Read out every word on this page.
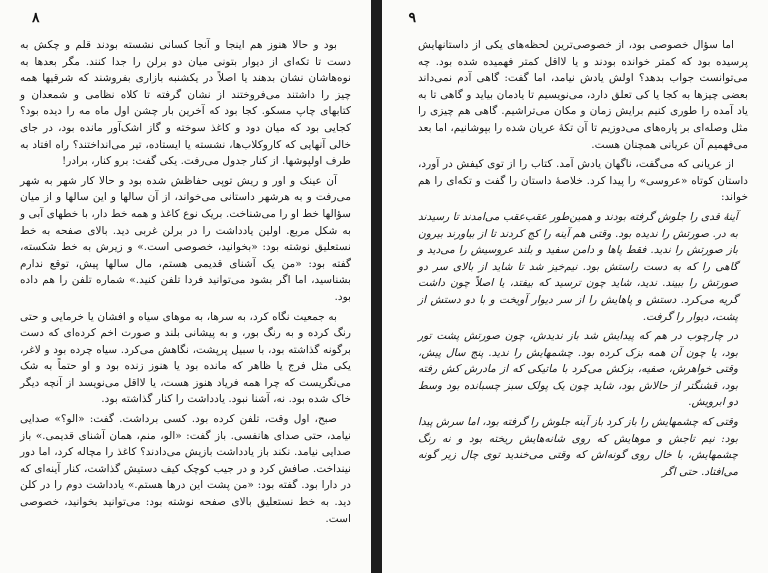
۸

بود و حالا هنوز هم اینجا و آنجا کسانی نشسته بودند قلم و چکش به دست تا تکه‌ای از دیوار بتونی میان دو برلن را جدا کنند. مگر بعدها به نوه‌هاشان نشان بدهند یا اصلاً در یکشنبه بازاری بفروشند که شرقیها همه چیز را داشتند می‌فروختند از نشان گرفته تا کلاه نظامی و شمعدان و کتابهای چاپ مسکو. کجا بود که آخرین بار چشن اول ماه مه را دیده بود؟ کجایی بود که میان دود و کاغذ سوخته و گاز اشک‌آور مانده بود، در جای خالی آنهایی که کاروکلاب‌ها، نشسته یا ایستاده، تیر می‌انداختند؟ راه افتاد به طرف اولپوشها. از کنار جدول می‌رفت. یکی گفت: برو کنار، برادر!

آن عینک و اور و ریش توپی حفاظش شده بود و حالا کار شهر به شهر می‌رفت و به هرشهر داستانی می‌خواند، از آن سالها و این سالها و از میان سؤالها خط او را می‌شناخت. بریک نوع کاغذ و همه خط دار، با خطهای آبی و به شکل مربع. اولین یادداشت را در برلن غربی دید. بالای صفحه به خط نستعلیق نوشته بود: «بخوانید، خصوصی است.» و زیرش به خط شکسته، گفته بود: «من یک آشنای قدیمی هستم، مال سالها پیش، توقع ندارم بشناسید، اما اگر بشود می‌توانید فردا تلفن کنید.» شماره تلفن را هم داده بود.

به جمعیت نگاه کرد، به سرها، به موهای سیاه و افشان یا خرمایی و حتی رنگ کرده و به رنگ بور، و به پیشانی بلند و صورت اخم کرده‌ای که دست برگونه گذاشته بود، با سبیل پرپشت، نگاهش می‌کرد. سیاه چرده بود و لاغر، یکی مثل فرج یا ظاهر که مانده بود یا هنوز زنده بود و او حتماً به شک می‌نگریست که چرا همه فریاد هنوز هست، یا لااقل می‌نویسد از آنچه دیگر خاک شده بود. نه، آشنا نبود. یادداشت را کنار گذاشته بود.

صبح، اول وقت، تلفن کرده بود. کسی برداشت. گفت: «الو؟» صدایی نیامد، حتی صدای هانفسی. باز گفت: «الو، منم، همان آشنای قدیمی.» باز صدایی نیامد. نکند باز یادداشت بازیش می‌دادند؟ کاغذ را مچاله کرد، اما دور نینداخت. صافش کرد و در جیب کوچک کیف دستیش گذاشت، کنار آینه‌ای که در دارا بود. گفته بود: «من پشت این درها هستم.» یادداشت دوم را در کلن دید. به خط نستعلیق بالای صفحه نوشته بود: می‌توانید بخوانید، خصوصی است.

۹

اما سؤال خصوصی بود، از خصوصی‌ترین لحظه‌های یکی از داستانهایش پرسیده بود که کمتر خوانده بودند و یا لااقل کمتر فهمیده شده بود. چه می‌توانست جواب بدهد؟ اولش یادش نیامد، اما گفت: گاهی آدم نمی‌داند بعضی چیزها به کجا یا کی تعلق دارد، می‌نویسیم تا یادمان بیاید و گاهی تا به یاد آمده را طوری کنیم برایش زمان و مکان می‌تراشیم. گاهی هم چیزی را مثل وصله‌ای بر پاره‌های می‌دوزیم تا آن تکهٔ عریان شده را بپوشانیم، اما بعد می‌فهمیم آن عریانی همچنان هست.

از عریانی که می‌گفت، ناگهان یادش آمد. کتاب را از توی کیفش در آورد، داستان کوتاه «عروسی» را پیدا کرد. خلاصهٔ داستان را گفت و تکه‌ای را هم خواند:

آینهٔ قدی را جلوش گرفته بودند و همین‌طور عقب‌عقب می‌امدند تا رسیدند به در. صورتش را ندیده بود. وقتی هم آینه را کج کردند تا از بیاورند بیرون باز صورتش را ندید. فقط پاها و دامن سفید و بلند عروسیش را می‌دید و گاهی را که به دست راستش بود. نیم‌خیز شد تا شاید از بالای سر دو صورتش را ببیند. ندید، شاید چون ترسید که بیفتد، یا اصلاً چون داشت گریه می‌کرد. دستش و پاهایش را از سر دیوار آویخت و با دو دستش از پشت، دیوار را گرفت.

در چارچوب در هم که پیدایش شد باز ندیدش، چون صورتش پشت تور بود، یا چون آن همه بزک کرده بود. چشمهایش را ندید. پنج سال پیش، وقتی خواهرش، صفیه، بزکش می‌کرد با ماتیکی که از مادرش کش رفته بود، قشنگتر از حالاش بود، شاید چون یک پولک سبز چسبانده بود وسط دو ابرویش.

وقتی که چشمهایش را باز کرد باز آینه جلوش را گرفته بود، اما سرش پیدا بود: نیم تاجش و موهایش که روی شانه‌هایش ریخته بود و نه رنگ چشمهایش، با خال روی گونه‌اش که وقتی می‌خندید توی چال زیر گونه می‌افتاد. حتی اگر
